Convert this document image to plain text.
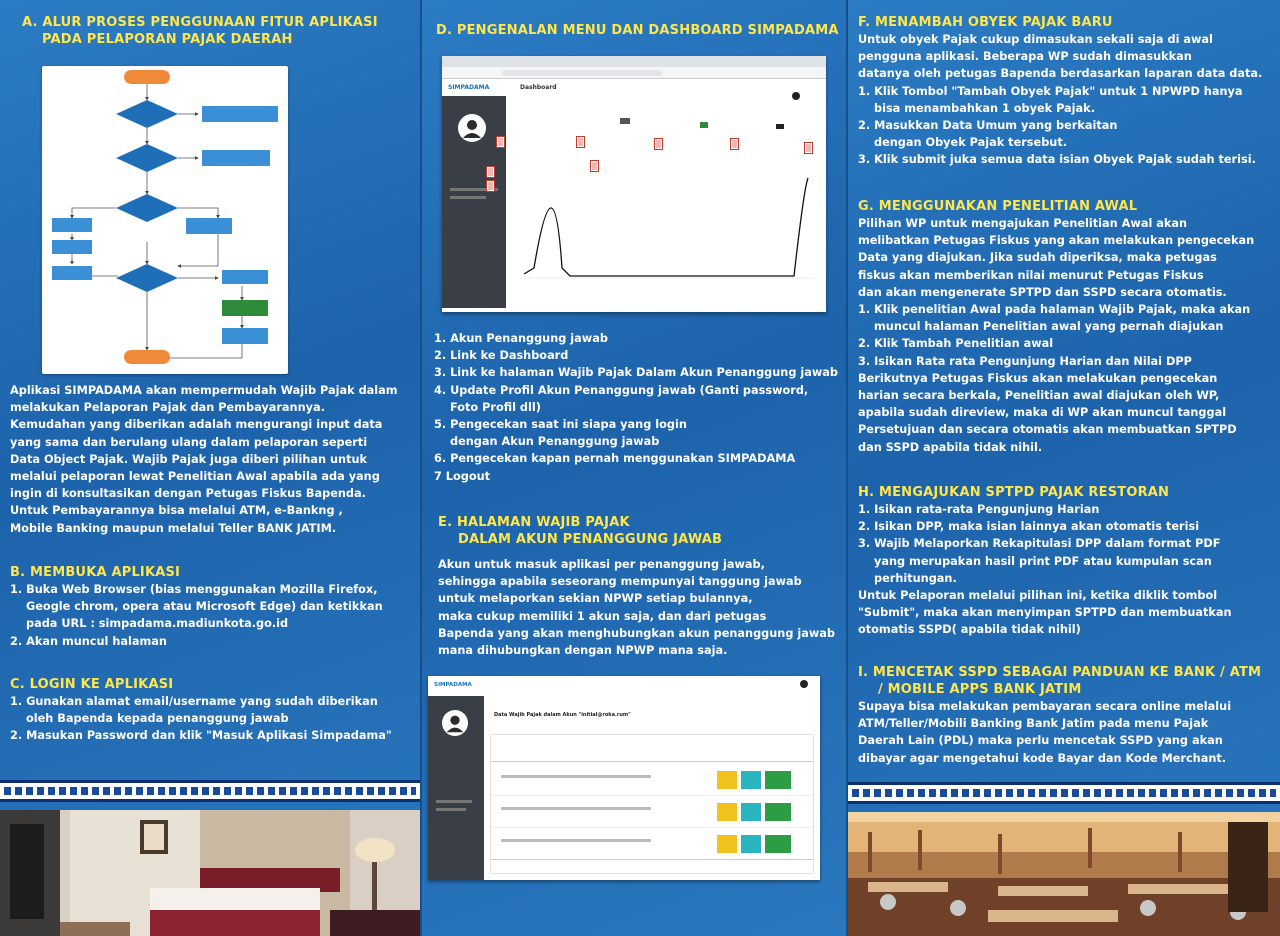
A. ALUR PROSES PENGGUNAAN FITUR APLIKASI
PADA PELAPORAN PAJAK DAERAH

Aplikasi SIMPADAMA akan mempermudah Wajib Pajak dalam

melakukan Pelaporan Pajak dan Pembayarannya.

Kemudahan yang diberikan adalah mengurangi input data

yang sama dan berulang ulang dalam pelaporan seperti

Data Object Pajak. Wajib Pajak juga diberi pilihan untuk

melalui pelaporan lewat Penelitian Awal apabila ada yang

ingin di konsultasikan dengan Petugas Fiskus Bapenda.

Untuk Pembayarannya bisa melalui ATM, e-Bankng ,

Mobile Banking maupun melalui Teller BANK JATIM.

B. MEMBUKA APLIKASI
1. Buka Web Browser (bias menggunakan Mozilla Firefox,
Geogle chrom, opera atau Microsoft Edge) dan ketikkan
pada URL : simpadama.madiunkota.go.id
2. Akan muncul halaman
C. LOGIN KE APLIKASI
1. Gunakan alamat email/username yang sudah diberikan
oleh Bapenda kepada penanggung jawab
2. Masukan Password dan klik "Masuk Aplikasi Simpadama"
D. PENGENALAN MENU DAN DASHBOARD SIMPADAMA
SIMPADAMA	Dashboard
1. Akun Penanggung jawab
2. Link ke Dashboard
3. Link ke halaman Wajib Pajak Dalam Akun Penanggung jawab
4. Update Profil Akun Penanggung jawab (Ganti password,
Foto Profil dll)
5. Pengecekan saat ini siapa yang login
dengan Akun Penanggung jawab
6. Pengecekan kapan pernah menggunakan SIMPADAMA
7 Logout
E. HALAMAN WAJIB PAJAK
DALAM AKUN PENANGGUNG JAWAB

Akun untuk masuk aplikasi per penanggung jawab,

sehingga apabila seseorang mempunyai tanggung jawab

untuk melaporkan sekian NPWP setiap bulannya,

maka cukup memiliki 1 akun saja, dan dari petugas

Bapenda yang akan menghubungkan akun penanggung jawab

mana dihubungkan dengan NPWP mana saja.

SIMPADAMA
Data Wajib Pajak dalam Akun "initial@roka.rum"
F. MENAMBAH OBYEK PAJAK BARU

Untuk obyek Pajak cukup dimasukan sekali saja di awal

pengguna aplikasi. Beberapa WP sudah dimasukkan

datanya oleh petugas Bapenda berdasarkan laparan data data.

1. Klik Tombol "Tambah Obyek Pajak" untuk 1 NPWPD hanya
bisa menambahkan 1 obyek Pajak.
2. Masukkan Data Umum yang berkaitan
dengan Obyek Pajak tersebut.
3. Klik submit juka semua data isian Obyek Pajak sudah terisi.
G. MENGGUNAKAN PENELITIAN AWAL

Pilihan WP untuk mengajukan Penelitian Awal akan

melibatkan Petugas Fiskus yang akan melakukan pengecekan

Data yang diajukan. Jika sudah diperiksa, maka petugas

fiskus akan memberikan nilai menurut Petugas Fiskus

dan akan mengenerate SPTPD dan SSPD secara otomatis.

1. Klik penelitian Awal pada halaman Wajib Pajak, maka akan
muncul halaman Penelitian awal yang pernah diajukan
2. Klik Tambah Penelitian awal
3. Isikan Rata rata Pengunjung Harian dan Nilai DPP

Berikutnya Petugas Fiskus akan melakukan pengecekan

harian secara berkala, Penelitian awal diajukan oleh WP,

apabila sudah direview, maka di WP akan muncul tanggal

Persetujuan dan secara otomatis akan membuatkan SPTPD

dan SSPD apabila tidak nihil.

H. MENGAJUKAN SPTPD PAJAK RESTORAN
1. Isikan rata-rata Pengunjung Harian
2. Isikan DPP, maka isian lainnya akan otomatis terisi
3. Wajib Melaporkan Rekapitulasi DPP dalam format PDF
yang merupakan hasil print PDF atau kumpulan scan
perhitungan.

Untuk Pelaporan melalui pilihan ini, ketika diklik tombol

"Submit", maka akan menyimpan SPTPD dan membuatkan

otomatis SSPD( apabila tidak nihil)

I. MENCETAK SSPD SEBAGAI PANDUAN KE BANK / ATM
/ MOBILE APPS BANK JATIM

Supaya bisa melakukan pembayaran secara online melalui

ATM/Teller/Mobili Banking Bank Jatim pada menu Pajak

Daerah Lain (PDL) maka perlu mencetak SSPD yang akan

dibayar agar mengetahui kode Bayar dan Kode Merchant.
